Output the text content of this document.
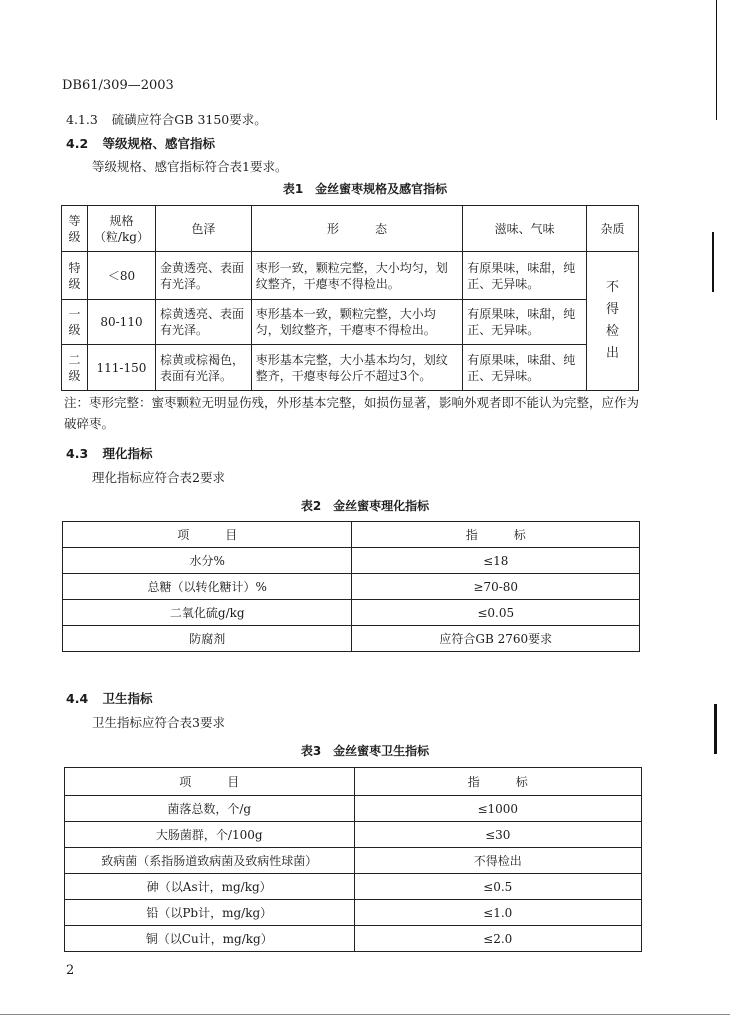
DB61/309—2003
4.1.3 硫磺应符合GB 3150要求。
4.2 等级规格、感官指标
等级规格、感官指标符合表1要求。
表1　金丝蜜枣规格及感官指标
等级	规格（粒/kg）	色泽	形　　　态	滋味、气味	杂质
特级	＜80	金黄透亮、表面有光泽。	枣形一致，颗粒完整，大小均匀，划纹整齐，干瘪枣不得检出。	有原果味，味甜，纯正、无异味。	不得检出
一级	80-110	棕黄透亮、表面有光泽。	枣形基本一致，颗粒完整，大小均匀，划纹整齐，干瘪枣不得检出。	有原果味，味甜，纯正、无异味。	
二级	111-150	棕黄或棕褐色，表面有光泽。	枣形基本完整，大小基本均匀，划纹整齐，干瘪枣每公斤不超过3个。	有原果味，味甜、纯正、无异味。	
注：枣形完整：蜜枣颗粒无明显伤残，外形基本完整，如损伤显著，影响外观者即不能认为完整，应作为破碎枣。
4.3 理化指标
理化指标应符合表2要求
表2　金丝蜜枣理化指标
项　　　目	指　　　标
水分%	≤18
总糖（以转化糖计）%	≥70-80
二氧化硫g/kg	≤0.05
防腐剂	应符合GB 2760要求
4.4 卫生指标
卫生指标应符合表3要求
表3　金丝蜜枣卫生指标
项　　　目	指　　　标
菌落总数，个/g	≤1000
大肠菌群，个/100g	≤30
致病菌（系指肠道致病菌及致病性球菌）	不得检出
砷（以As计，mg/kg）	≤0.5
铅（以Pb计，mg/kg）	≤1.0
铜（以Cu计，mg/kg）	≤2.0
2
